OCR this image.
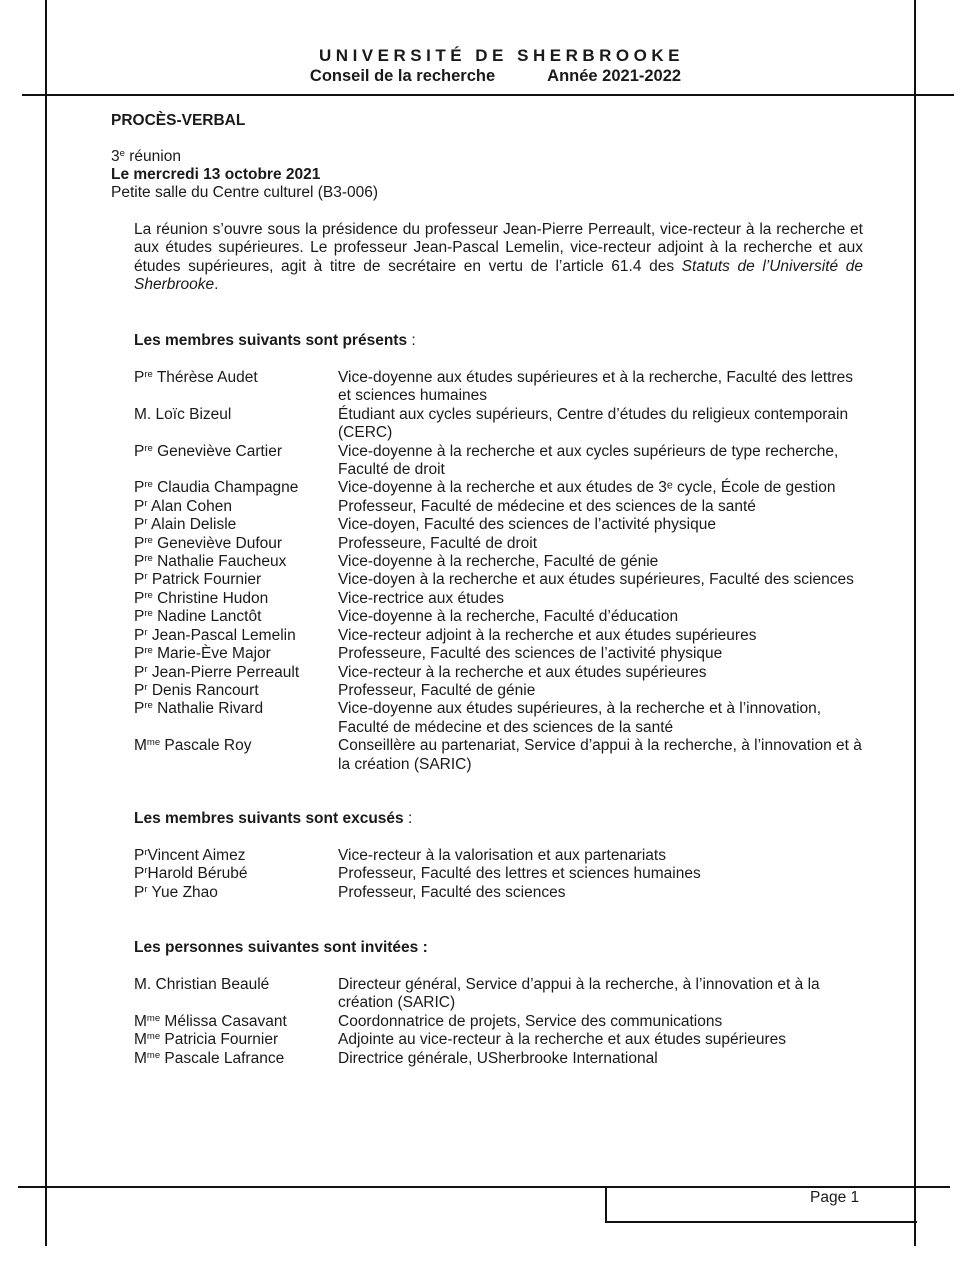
UNIVERSITÉ DE SHERBROOKE
Conseil de la recherche	Année 2021-2022
PROCÈS-VERBAL
3e réunion
Le mercredi 13 octobre 2021
Petite salle du Centre culturel (B3-006)
La réunion s’ouvre sous la présidence du professeur Jean-Pierre Perreault, vice-recteur à la recherche et aux études supérieures. Le professeur Jean-Pascal Lemelin, vice-recteur adjoint à la recherche et aux études supérieures, agit à titre de secrétaire en vertu de l’article 61.4 des Statuts de l’Université de Sherbrooke.
Les membres suivants sont présents :
$P^{re}$ Thérèse Audet	Vice-doyenne aux études supérieures et à la recherche, Faculté des lettres et sciences humaines
M. Loïc Bizeul	Étudiant aux cycles supérieurs, Centre d’études du religieux contemporain (CERC)
$P^{re}$ Geneviève Cartier	Vice-doyenne à la recherche et aux cycles supérieurs de type recherche, Faculté de droit
$P^{re}$ Claudia Champagne	Vice-doyenne à la recherche et aux études de 3ᵉ cycle, École de gestion
$P^r$ Alan Cohen	Professeur, Faculté de médecine et des sciences de la santé
$P^r$ Alain Delisle	Vice-doyen, Faculté des sciences de l’activité physique
$P^{re}$ Geneviève Dufour	Professeure, Faculté de droit
$P^{re}$ Nathalie Faucheux	Vice-doyenne à la recherche, Faculté de génie
$P^r$ Patrick Fournier	Vice-doyen à la recherche et aux études supérieures, Faculté des sciences
$P^{re}$ Christine Hudon	Vice-rectrice aux études
$P^{re}$ Nadine Lanctôt	Vice-doyenne à la recherche, Faculté d’éducation
$P^r$ Jean-Pascal Lemelin	Vice-recteur adjoint à la recherche et aux études supérieures
$P^{re}$ Marie-Ève Major	Professeure, Faculté des sciences de l’activité physique
$P^r$ Jean-Pierre Perreault	Vice-recteur à la recherche et aux études supérieures
$P^r$ Denis Rancourt	Professeur, Faculté de génie
$P^{re}$ Nathalie Rivard	Vice-doyenne aux études supérieures, à la recherche et à l’innovation, Faculté de médecine et des sciences de la santé
$M^{me}$ Pascale Roy	Conseillère au partenariat, Service d’appui à la recherche, à l’innovation et à la création (SARIC)
Les membres suivants sont excusés :
$P^rVincent$ Aimez	Vice-recteur à la valorisation et aux partenariats
$P^rHarold$ Bérubé	Professeur, Faculté des lettres et sciences humaines
$P^r$ Yue Zhao	Professeur, Faculté des sciences
Les personnes suivantes sont invitées :
M. Christian Beaulé	Directeur général, Service d’appui à la recherche, à l’innovation et à la création (SARIC)
$M^{me}$ Mélissa Casavant	Coordonnatrice de projets, Service des communications
$M^{me}$ Patricia Fournier	Adjointe au vice-recteur à la recherche et aux études supérieures
$M^{me}$ Pascale Lafrance	Directrice générale, USherbrooke International
Page 1
